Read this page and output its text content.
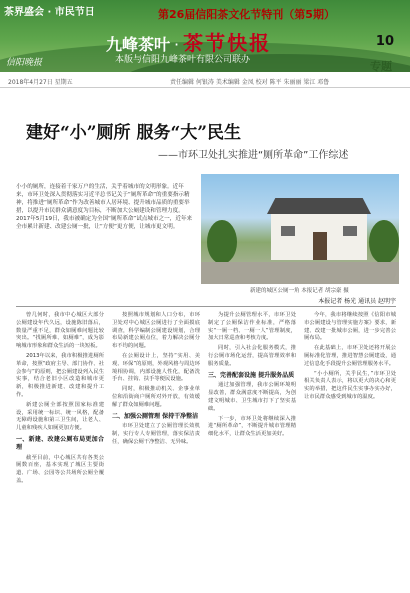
茶界盛会 · 市民节日	第26届信阳茶文化节特刊（第5期）
九峰茶叶 · 茶节快报
本版与信阳九峰茶叶有限公司联办
信阳晚报
10
专题
2018年4月27日 星期五	责任编辑 何银涛 美术编辑 金凤 校对 陈平 朱丽丽 梁江 邓鲁
建好“小”厕所 服务“大”民生
——市环卫处扎实推进“厕所革命”工作综述

小小的厕所，连接着千家万户的生活，关乎着城市的文明形象。近年来，市环卫处深入贯彻落实习近平总书记关于“厕所革命”的重要指示精神，将推进“厕所革命”作为改善城市人居环境、提升城市品质的重要举措，以提升市民群众满意度为目标，不断加大公厕建设和管理力度。

2017年5月19日，我市被确定为全国“厕所革命”试点城市之一，近年来全市累计新建、改建公厕一批，让“方便”更方便，让城市更文明。

新建的城区公厕一角 本报记者 胡宗豪 摄
本报记者 杨光 通讯员 赵明宇

曾几何时，我市中心城区大部分公厕建设年代久远，设施陈旧落后，数量严重不足，群众如厕难问题比较突出。“找厕所难、如厕难”，成为影响城市形象和群众生活的一块短板。

2013年以来，我市积极推进厕所革命，按照“政府主导、部门协作、社会参与”的原则，把公厕建设列入民生实事，结合老旧小区改造和城市更新，积极推进新建、改建和提升工作。

新建公厕全部按照国家标准建设，采用统一标识、统一风格，配备无障碍设施和第三卫生间，让老人、儿童和残疾人如厕更加方便。

一、新建、改建公厕布局更加合理

截至目前，中心城区共有各类公厕数百座，基本实现了城区主要街道、广场、公园等公共场所公厕全覆盖。

按照城市规划和人口分布，市环卫处对中心城区公厕进行了全面摸底调查，科学编制公厕建设规划，合理布局新建公厕点位，着力解决公厕分布不均的问题。

在公厕设计上，坚持“实用、美观、环保”的原则，外观风格与周边环境相协调，内部设施人性化，配备洗手台、挂钩、扶手等便民设施。

同时，积极推动机关、企事业单位和沿街商户厕所对外开放，有效缓解了群众如厕难问题。

二、加强公厕管理 保持干净整洁

市环卫处建立了公厕管理长效机制，实行专人专厕管理，落实保洁责任，确保公厕干净整洁、无异味。

为提升公厕管理水平，市环卫处制定了公厕保洁作业标准，严格落实“一厕一档、一厕一人”管理制度，加大日常巡查和考核力度。

同时，引入社会化服务模式，推行公厕市场化运营，提高管理效率和服务质量。

三、完善配套设施 提升服务品质

通过加强管理，我市公厕环境明显改善，群众满意度不断提高，为创建文明城市、卫生城市打下了坚实基础。

下一步，市环卫处将继续深入推进“厕所革命”，不断提升城市管理精细化水平，让群众生活更加美好。

今年，我市将继续按照《信阳市城市公厕建设与管理实施方案》要求，新建、改建一批城市公厕，进一步完善公厕布局。

在此基础上，市环卫处还将开展公厕标准化管理，推进智慧公厕建设，通过信息化手段提升公厕管理服务水平。

“小小厕所，关乎民生，”市环卫处相关负责人表示，将以更大的决心和更实的举措，把这件民生实事办实办好，让市民群众感受到城市的温度。
